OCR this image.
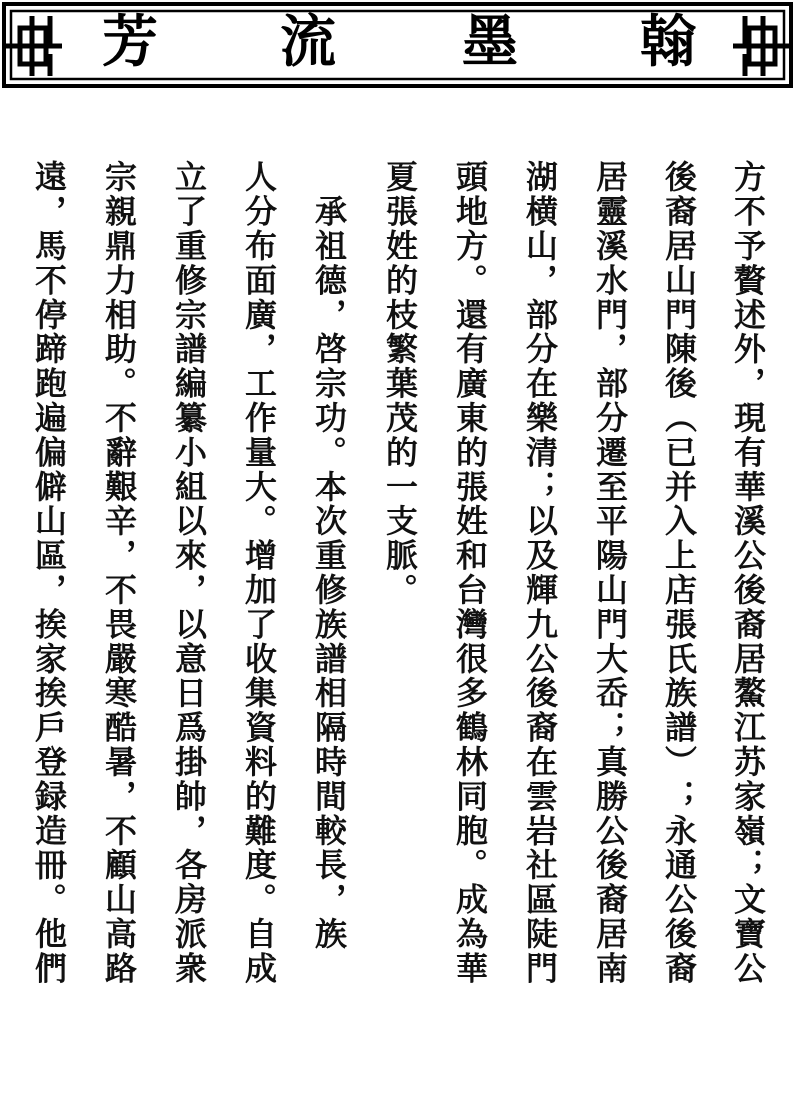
翰
墨
流
芳
方不予贅述外，現有華溪公後裔居鰲江苏家嶺；文寶公
後裔居山門陳後（已并入上店張氏族譜）；永通公後裔
居靈溪水門，部分遷至平陽山門大岙；真勝公後裔居南
湖横山，部分在樂清；以及輝九公後裔在雲岩社區陡門
頭地方。還有廣東的張姓和台灣很多鶴林同胞。成為華
夏張姓的枝繁葉茂的一支脈。
　承祖德，啓宗功。本次重修族譜相隔時間較長，族
人分布面廣，工作量大。增加了收集資料的難度。自成
立了重修宗譜編纂小組以來，以意日爲掛帥，各房派衆
宗親鼎力相助。不辭艱辛，不畏嚴寒酷暑，不顧山高路
遠，馬不停蹄跑遍偏僻山區，挨家挨戶登録造冊。他們
